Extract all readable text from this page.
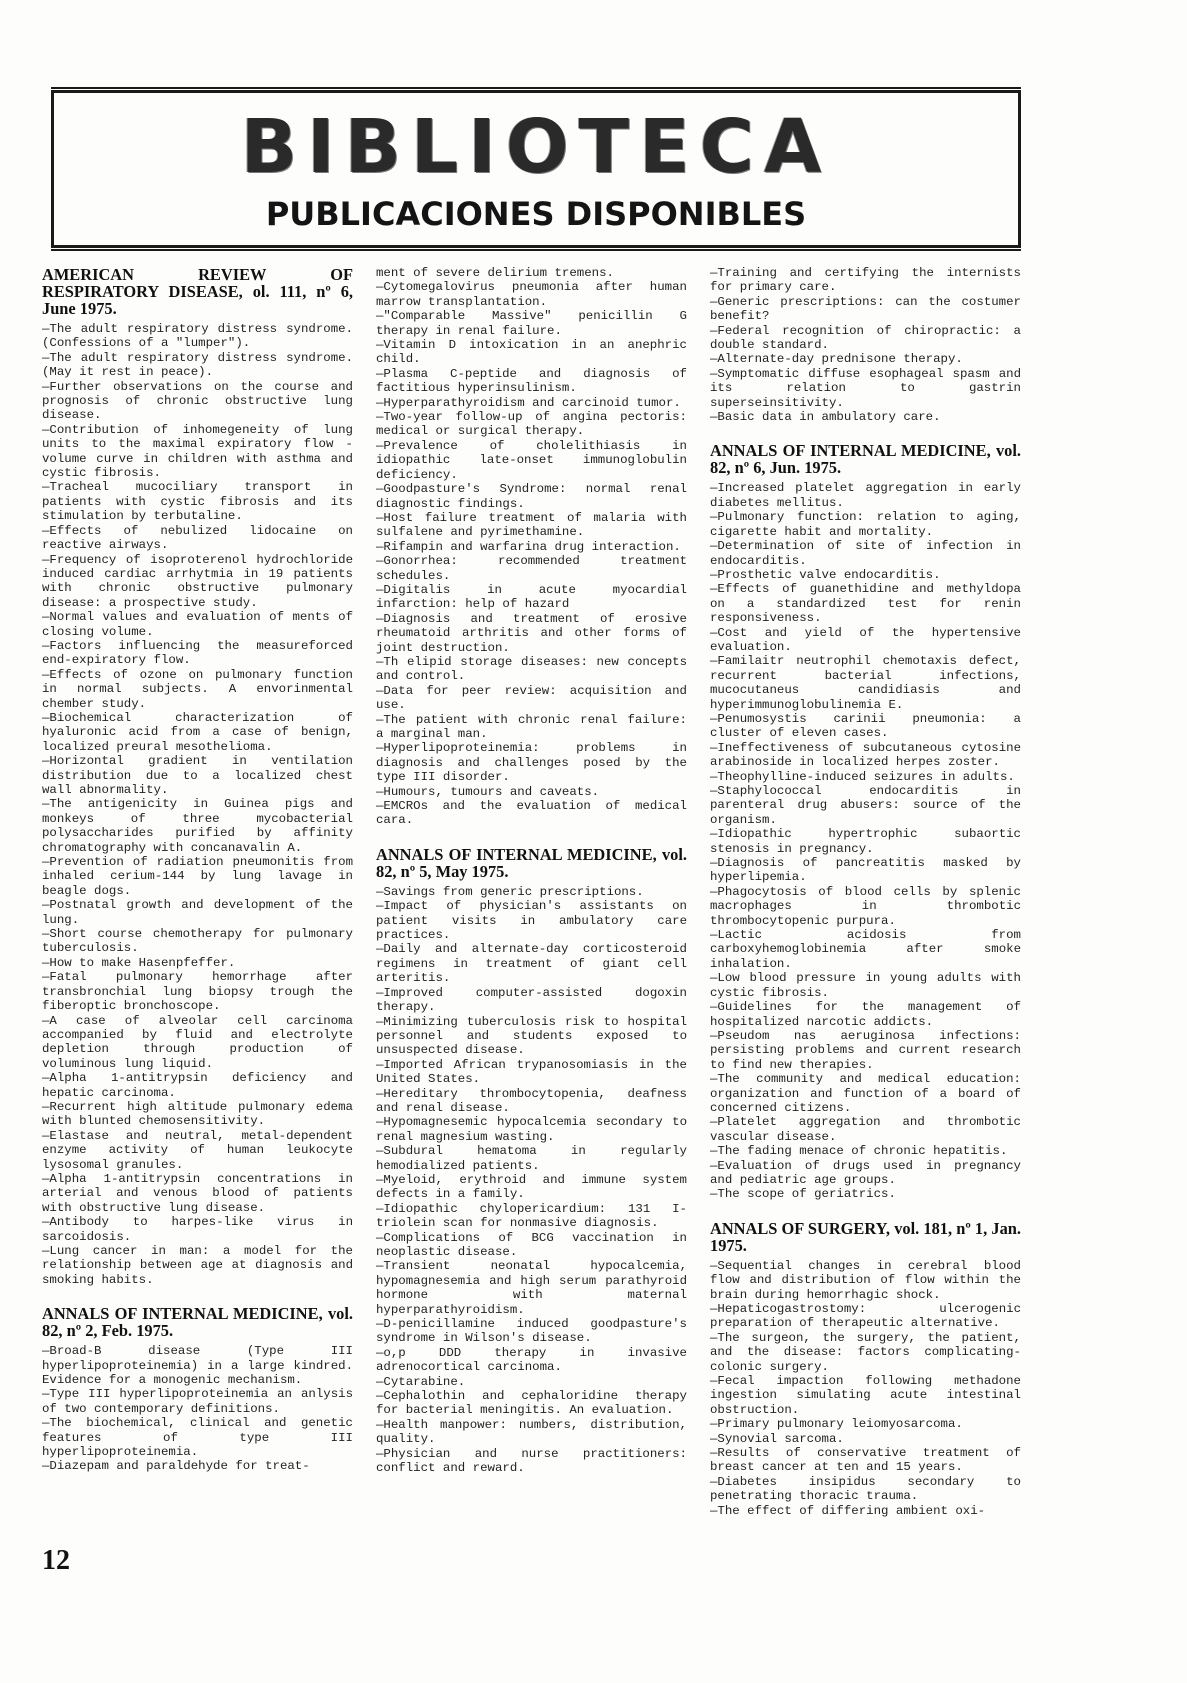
BIBLIOTECA
PUBLICACIONES DISPONIBLES
AMERICAN REVIEW OF RESPIRATORY DISEASE, ol. 111, nº 6, June 1975.
—The adult respiratory distress syndrome. (Confessions of a "lumper").
—The adult respiratory distress syndrome. (May it rest in peace).
—Further observations on the course and prognosis of chronic obstructive lung disease.
—Contribution of inhomegeneity of lung units to the maximal expiratory flow - volume curve in children with asthma and cystic fibrosis.
—Tracheal mucociliary transport in patients with cystic fibrosis and its stimulation by terbutaline.
—Effects of nebulized lidocaine on reactive airways.
—Frequency of isoproterenol hydrochloride induced cardiac arrhytmia in 19 patients with chronic obstructive pulmonary disease: a prospective study.
—Normal values and evaluation of ments of closing volume.
—Factors influencing the measureforced end-expiratory flow.
—Effects of ozone on pulmonary function in normal subjects. A envorinmental chember study.
—Biochemical characterization of hyaluronic acid from a case of benign, localized preural mesothelioma.
—Horizontal gradient in ventilation distribution due to a localized chest wall abnormality.
—The antigenicity in Guinea pigs and monkeys of three mycobacterial polysaccharides purified by affinity chromatography with concanavalin A.
—Prevention of radiation pneumonitis from inhaled cerium-144 by lung lavage in beagle dogs.
—Postnatal growth and development of the lung.
—Short course chemotherapy for pulmonary tuberculosis.
—How to make Hasenpfeffer.
—Fatal pulmonary hemorrhage after transbronchial lung biopsy trough the fiberoptic bronchoscope.
—A case of alveolar cell carcinoma accompanied by fluid and electrolyte depletion through production of voluminous lung liquid.
—Alpha 1-antitrypsin deficiency and hepatic carcinoma.
—Recurrent high altitude pulmonary edema with blunted chemosensitivity.
—Elastase and neutral, metal-dependent enzyme activity of human leukocyte lysosomal granules.
—Alpha 1-antitrypsin concentrations in arterial and venous blood of patients with obstructive lung disease.
—Antibody to harpes-like virus in sarcoidosis.
—Lung cancer in man: a model for the relationship between age at diagnosis and smoking habits.
ANNALS OF INTERNAL MEDICINE, vol. 82, nº 2, Feb. 1975.
—Broad-B disease (Type III hyperlipoproteinemia) in a large kindred. Evidence for a monogenic mechanism.
—Type III hyperlipoproteinemia an anlysis of two contemporary definitions.
—The biochemical, clinical and genetic features of type III hyperlipoproteinemia.
—Diazepam and paraldehyde for treat-
ment of severe delirium tremens.
—Cytomegalovirus pneumonia after human marrow transplantation.
—"Comparable Massive" penicillin G therapy in renal failure.
—Vitamin D intoxication in an anephric child.
—Plasma C-peptide and diagnosis of factitious hyperinsulinism.
—Hyperparathyroidism and carcinoid tumor.
—Two-year follow-up of angina pectoris: medical or surgical therapy.
—Prevalence of cholelithiasis in idiopathic late-onset immunoglobulin deficiency.
—Goodpasture's Syndrome: normal renal diagnostic findings.
—Host failure treatment of malaria with sulfalene and pyrimethamine.
—Rifampin and warfarina drug interaction.
—Gonorrhea: recommended treatment schedules.
—Digitalis in acute myocardial infarction: help of hazard
—Diagnosis and treatment of erosive rheumatoid arthritis and other forms of joint destruction.
—Th elipid storage diseases: new concepts and control.
—Data for peer review: acquisition and use.
—The patient with chronic renal failure: a marginal man.
—Hyperlipoproteinemia: problems in diagnosis and challenges posed by the type III disorder.
—Humours, tumours and caveats.
—EMCROs and the evaluation of medical cara.
ANNALS OF INTERNAL MEDICINE, vol. 82, nº 5, May 1975.
—Savings from generic prescriptions.
—Impact of physician's assistants on patient visits in ambulatory care practices.
—Daily and alternate-day corticosteroid regimens in treatment of giant cell arteritis.
—Improved computer-assisted dogoxin therapy.
—Minimizing tuberculosis risk to hospital personnel and students exposed to unsuspected disease.
—Imported African trypanosomiasis in the United States.
—Hereditary thrombocytopenia, deafness and renal disease.
—Hypomagnesemic hypocalcemia secondary to renal magnesium wasting.
—Subdural hematoma in regularly hemodialized patients.
—Myeloid, erythroid and immune system defects in a family.
—Idiopathic chylopericardium: 131 I-triolein scan for nonmasive diagnosis.
—Complications of BCG vaccination in neoplastic disease.
—Transient neonatal hypocalcemia, hypomagnesemia and high serum parathyroid hormone with maternal hyperparathyroidism.
—D-penicillamine induced goodpasture's syndrome in Wilson's disease.
—o,p DDD therapy in invasive adrenocortical carcinoma.
—Cytarabine.
—Cephalothin and cephaloridine therapy for bacterial meningitis. An evaluation.
—Health manpower: numbers, distribution, quality.
—Physician and nurse practitioners: conflict and reward.
—Training and certifying the internists for primary care.
—Generic prescriptions: can the costumer benefit?
—Federal recognition of chiropractic: a double standard.
—Alternate-day prednisone therapy.
—Symptomatic diffuse esophageal spasm and its relation to gastrin superseinsitivity.
—Basic data in ambulatory care.
ANNALS OF INTERNAL MEDICINE, vol. 82, nº 6, Jun. 1975.
—Increased platelet aggregation in early diabetes mellitus.
—Pulmonary function: relation to aging, cigarette habit and mortality.
—Determination of site of infection in endocarditis.
—Prosthetic valve endocarditis.
—Effects of guanethidine and methyldopa on a standardized test for renin responsiveness.
—Cost and yield of the hypertensive evaluation.
—Familaitr neutrophil chemotaxis defect, recurrent bacterial infections, mucocutaneus candidiasis and hyperimmunoglobulinemia E.
—Penumosystis carinii pneumonia: a cluster of eleven cases.
—Ineffectiveness of subcutaneous cytosine arabinoside in localized herpes zoster.
—Theophylline-induced seizures in adults.
—Staphylococcal endocarditis in parenteral drug abusers: source of the organism.
—Idiopathic hypertrophic subaortic stenosis in pregnancy.
—Diagnosis of pancreatitis masked by hyperlipemia.
—Phagocytosis of blood cells by splenic macrophages in thrombotic thrombocytopenic purpura.
—Lactic acidosis from carboxyhemoglobinemia after smoke inhalation.
—Low blood pressure in young adults with cystic fibrosis.
—Guidelines for the management of hospitalized narcotic addicts.
—Pseudom nas aeruginosa infections: persisting problems and current research to find new therapies.
—The community and medical education: organization and function of a board of concerned citizens.
—Platelet aggregation and thrombotic vascular disease.
—The fading menace of chronic hepatitis.
—Evaluation of drugs used in pregnancy and pediatric age groups.
—The scope of geriatrics.
ANNALS OF SURGERY, vol. 181, nº 1, Jan. 1975.
—Sequential changes in cerebral blood flow and distribution of flow within the brain during hemorrhagic shock.
—Hepaticogastrostomy: ulcerogenic preparation of therapeutic alternative.
—The surgeon, the surgery, the patient, and the disease: factors complicating-colonic surgery.
—Fecal impaction following methadone ingestion simulating acute intestinal obstruction.
—Primary pulmonary leiomyosarcoma.
—Synovial sarcoma.
—Results of conservative treatment of breast cancer at ten and 15 years.
—Diabetes insipidus secondary to penetrating thoracic trauma.
—The effect of differing ambient oxi-
12
